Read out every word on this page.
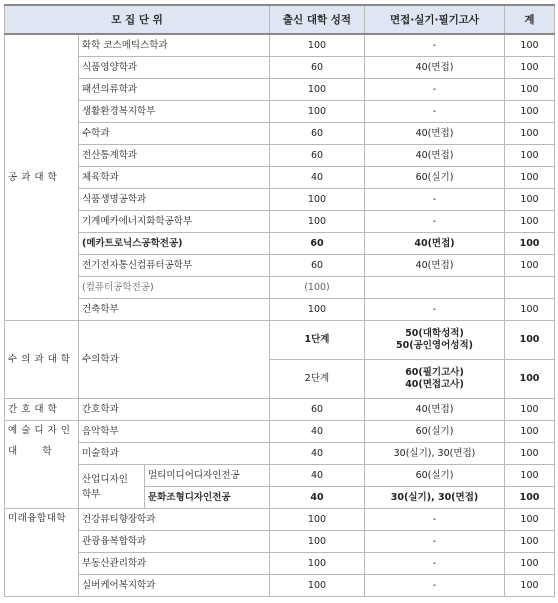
모 집 단 위			출신 대학 성적	면접·실기·필기고사	계
공 과 대 학	화학 코스메틱스학과		100	-	100
	식품영양학과		60	40(면접)	100
	패션의류학과		100	-	100
	생활환경복지학부		100	-	100
	수학과		60	40(면접)	100
	전산통계학과		60	40(면접)	100
	체육학과		40	60(실기)	100
	식품생명공학과		100	-	100
	기계메카에너지화학공학부		100	-	100
	(메카트로닉스공학전공)		60	40(면접)	100
	전기전자통신컴퓨터공학부		60	40(면접)	100
	(컴퓨터공학전공)		(100)		
	건축학부		100	-	100
수 의 과 대 학	수의학과		1단계	50(대학성적)
50(공인영어성적)	100
			2단계	60(필기고사)
40(면접고사)	100
간 호 대 학	간호학과		60	40(면접)	100

예 술 디 자 인
대       학	음악학부		40	60(실기)	100
	미술학과		40	30(실기), 30(면접)	100

	산업디자인
학부	멀티미디어디자인전공	40	60(실기)	100
		문화조형디자인전공	40	30(실기), 30(면접)	100
미래융합대학	건강뷰티향장학과		100	-	100
	관광융복합학과		100	-	100
	부동산관리학과		100	-	100
	실버케어복지학과		100	-	100
